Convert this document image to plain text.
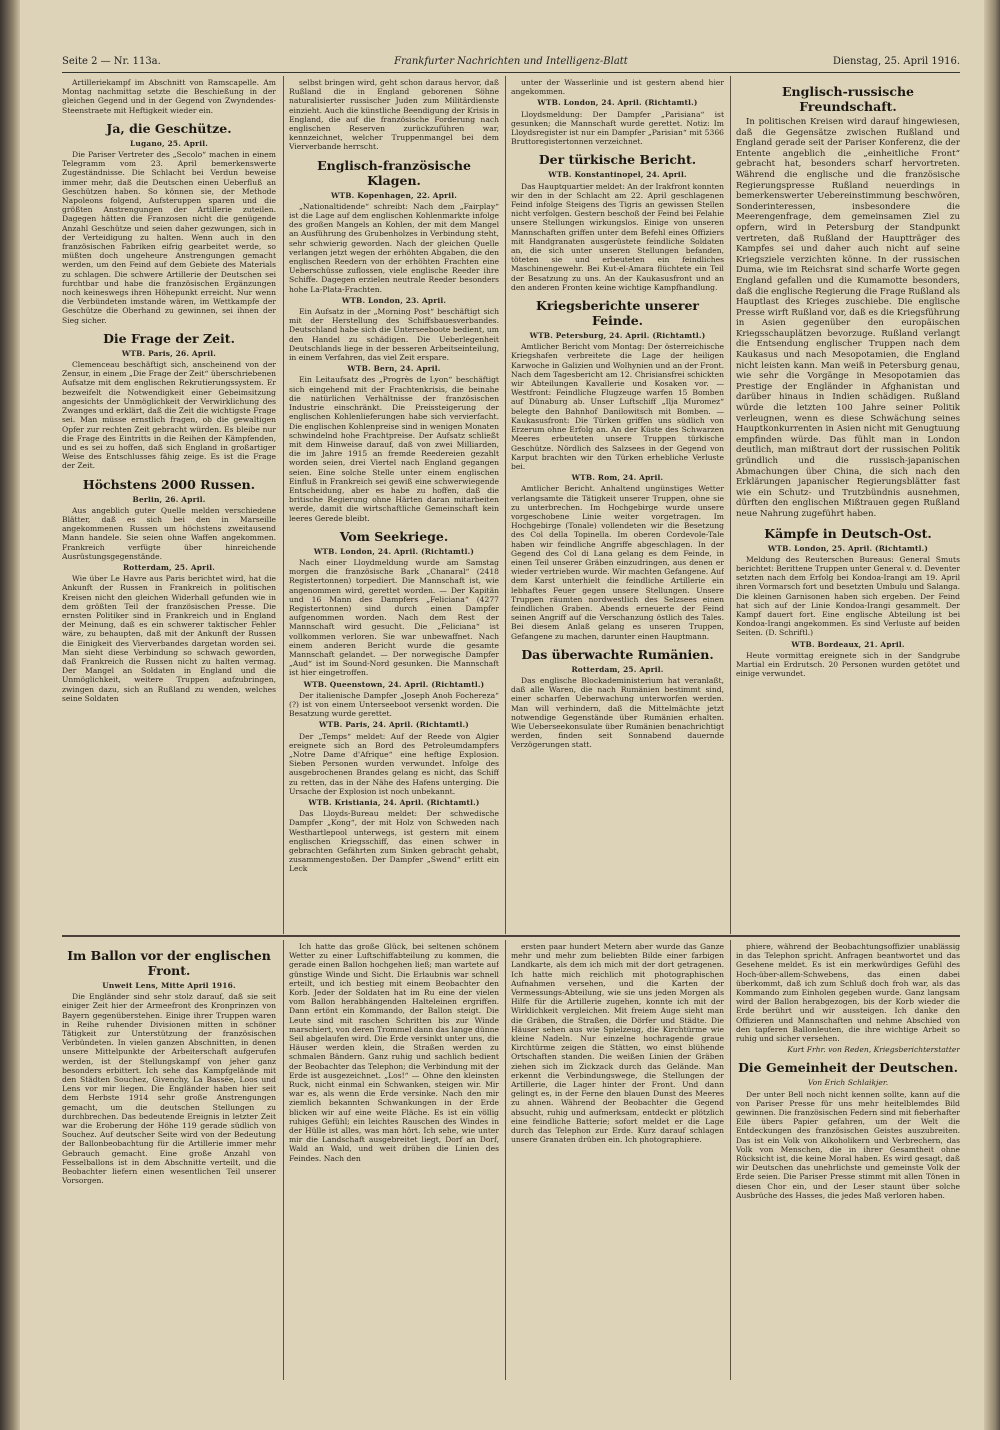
Seite 2 — Nr. 113a.	Frankfurter Nachrichten und Intelligenz-Blatt	Dienstag, 25. April 1916.

Artilleriekampf im Abschnitt von Ramscapelle. Am Montag nachmittag setzte die Beschießung in der gleichen Gegend und in der Gegend von Zwyndendes-Steenstraete mit Heftigkeit wieder ein.

Ja, die Geschütze.
Lugano, 25. April.

Die Pariser Vertreter des „Secolo“ machen in einem Telegramm vom 23. April bemerkenswerte Zugeständnisse. Die Schlacht bei Verdun beweise immer mehr, daß die Deutschen einen Ueberfluß an Geschützen haben. So können sie, der Methode Napoleons folgend, Aufsteruppen sparen und die größten Anstrengungen der Artillerie zuteilen. Dagegen hätten die Franzosen nicht die genügende Anzahl Geschütze und seien daher gezwungen, sich in der Verteidigung zu halten. Wenn auch in den französischen Fabriken eifrig gearbeitet werde, so müßten doch ungeheure Anstrengungen gemacht werden, um den Feind auf dem Gebiete des Materials zu schlagen. Die schwere Artillerie der Deutschen sei furchtbar und habe die französischen Ergänzungen noch keineswegs ihren Höhepunkt erreicht. Nur wenn die Verbündeten imstande wären, im Wettkampfe der Geschütze die Oberhand zu gewinnen, sei ihnen der Sieg sicher.

Die Frage der Zeit.
WTB. Paris, 26. April.

Clemenceau beschäftigt sich, anscheinend von der Zensur, in einem „Die Frage der Zeit“ überschriebenen Aufsatze mit dem englischen Rekrutierungssystem. Er bezweifelt die Notwendigkeit einer Gebeimsitzung angesichts der Unmöglichkeit der Verwirklichung des Zwanges und erklärt, daß die Zeit die wichtigste Frage sei. Man müsse ernstlich fragen, ob die gewaltigen Opfer zur rechten Zeit gebracht würden. Es bleibe nur die Frage des Eintritts in die Reihen der Kämpfenden, und es sei zu hoffen, daß sich England in großartiger Weise des Entschlusses fähig zeige. Es ist die Frage der Zeit.

Höchstens 2000 Russen.
Berlin, 26. April.

Aus angeblich guter Quelle melden verschiedene Blätter, daß es sich bei den in Marseille angekommenen Russen um höchstens zweitausend Mann handele. Sie seien ohne Waffen angekommen. Frankreich verfügte über hinreichende Ausrüstungsgegenstände.

Rotterdam, 25. April.

Wie über Le Havre aus Paris berichtet wird, hat die Ankunft der Russen in Frankreich in politischen Kreisen nicht den gleichen Widerhall gefunden wie in dem größten Teil der französischen Presse. Die ernsten Politiker sind in Frankreich und in England der Meinung, daß es ein schwerer taktischer Fehler wäre, zu behaupten, daß mit der Ankunft der Russen die Einigkeit des Vierverbandes dargetan worden sei. Man sieht diese Verbindung so schwach geworden, daß Frankreich die Russen nicht zu halten vermag. Der Mangel an Soldaten in England und die Unmöglichkeit, weitere Truppen aufzubringen, zwingen dazu, sich an Rußland zu wenden, welches seine Soldaten

selbst bringen wird, geht schon daraus hervor, daß Rußland die in England geborenen Söhne naturalisierter russischer Juden zum Militärdienste einzieht. Auch die künstliche Beendigung der Krisis in England, die auf die französische Forderung nach englischen Reserven zurückzuführen war, kennzeichnet, welcher Truppenmangel bei dem Vierverbande herrscht.

Englisch-französische Klagen.
WTB. Kopenhagen, 22. April.

„Nationaltidende“ schreibt: Nach dem „Fairplay“ ist die Lage auf dem englischen Kohlenmarkte infolge des großen Mangels an Kohlen, der mit dem Mangel an Ausführung des Grubenholzes in Verbindung steht, sehr schwierig geworden. Nach der gleichen Quelle verlangen jetzt wegen der erhöhten Abgaben, die den englischen Reedern von der erhöhten Frachten eine Ueberschüsse zuflossen, viele englische Reeder ihre Schiffe. Dagegen erzielen neutrale Reeder besonders hohe La-Plata-Frachten.

WTB. London, 23. April.

Ein Aufsatz in der „Morning Post“ beschäftigt sich mit der Herstellung des Schiffsbauesverbandes. Deutschland habe sich die Unterseeboote bedient, um den Handel zu schädigen. Die Ueberlegenheit Deutschlands liege in der besseren Arbeitseinteilung, in einem Verfahren, das viel Zeit erspare.

WTB. Bern, 24. April.

Ein Leitaufsatz des „Progrès de Lyon“ beschäftigt sich eingehend mit der Frachtenkrisis, die beinahe die natürlichen Verhältnisse der französischen Industrie einschränkt. Die Preissteigerung der englischen Kohlenlieferungen habe sich vervierfacht. Die englischen Kohlenpreise sind in wenigen Monaten schwindelnd hohe Frachtpreise. Der Aufsatz schließt mit dem Hinweise darauf, daß von zwei Milliarden, die im Jahre 1915 an fremde Reedereien gezahlt worden seien, drei Viertel nach England gegangen seien. Eine solche Stelle unter einem englischen Einfluß in Frankreich sei gewiß eine schwerwiegende Entscheidung, aber es habe zu hoffen, daß die britische Regierung ohne Härten daran mitarbeiten werde, damit die wirtschaftliche Gemeinschaft kein leeres Gerede bleibt.

Vom Seekriege.
WTB. London, 24. April. (Richtamtl.)

Nach einer Lloydmeldung wurde am Samstag morgen die französische Bark „Chanaral“ (2418 Registertonnen) torpediert. Die Mannschaft ist, wie angenommen wird, gerettet worden. — Der Kapitän und 16 Mann des Dampfers „Feliciana“ (4277 Registertonnen) sind durch einen Dampfer aufgenommen worden. Nach dem Rest der Mannschaft wird gesucht. Die „Feliciana“ ist vollkommen verloren. Sie war unbewaffnet. Nach einem anderen Bericht wurde die gesamte Mannschaft gelandet. — Der norwegische Dampfer „Aud“ ist im Sound-Nord gesunken. Die Mannschaft ist hier eingetroffen.

WTB. Queenstown, 24. April. (Richtamtl.)

Der italienische Dampfer „Joseph Anoh Fochereza“ (?) ist von einem Unterseeboot versenkt worden. Die Besatzung wurde gerettet.

WTB. Paris, 24. April. (Richtamtl.)

Der „Temps“ meldet: Auf der Reede von Algier ereignete sich an Bord des Petroleumdampfers „Notre Dame d'Afrique“ eine heftige Explosion. Sieben Personen wurden verwundet. Infolge des ausgebrochenen Brandes gelang es nicht, das Schiff zu retten, das in der Nähe des Hafens unterging. Die Ursache der Explosion ist noch unbekannt.

WTB. Kristiania, 24. April. (Richtamtl.)

Das Lloyds-Bureau meldet: Der schwedische Dampfer „Kong“, der mit Holz von Schweden nach Westhartlepool unterwegs, ist gestern mit einem englischen Kriegsschiff, das einen schwer in gebrachten Gefährten zum Sinken gebracht gehabt, zusammengestoßen. Der Dampfer „Swend“ erlitt ein Leck

unter der Wasserlinie und ist gestern abend hier angekommen.

WTB. London, 24. April. (Richtamtl.)

Lloydsmeldung: Der Dampfer „Parisiana“ ist gesunken; die Mannschaft wurde gerettet. Notiz: Im Lloydsregister ist nur ein Dampfer „Parisian“ mit 5366 Bruttoregistertonnen verzeichnet.

Der türkische Bericht.
WTB. Konstantinopel, 24. April.

Das Hauptquartier meldet: An der Irakfront konnten wir den in der Schlacht am 22. April geschlagenen Feind infolge Steigens des Tigris an gewissen Stellen nicht verfolgen. Gestern beschoß der Feind bei Felahie unsere Stellungen wirkungslos. Einige von unseren Mannschaften griffen unter dem Befehl eines Offiziers mit Handgranaten ausgerüstete feindliche Soldaten an, die sich unter unseren Stellungen befanden, töteten sie und erbeuteten ein feindliches Maschinengewehr. Bei Kut-el-Amara flüchtete ein Teil der Besatzung zu uns. An der Kaukasusfront und an den anderen Fronten keine wichtige Kampfhandlung.

Kriegsberichte unserer Feinde.
WTB. Petersburg, 24. April. (Richtamtl.)

Amtlicher Bericht vom Montag: Der österreichische Kriegshafen verbreitete die Lage der heiligen Karwoche in Galizien und Wolhynien und an der Front. Nach dem Tagesbericht am 12. Chrisiansfrei schickten wir Abteilungen Kavallerie und Kosaken vor. — Westfront: Feindliche Flugzeuge warfen 15 Bomben auf Dünaburg ab. Unser Luftschiff „Ilja Muromez“ belegte den Bahnhof Danilowitsch mit Bomben. — Kaukasusfront: Die Türken griffen uns südlich von Erzerum ohne Erfolg an. An der Küste des Schwarzen Meeres erbeuteten unsere Truppen türkische Geschütze. Nördlich des Salzsees in der Gegend von Karput brachten wir den Türken erhebliche Verluste bei.

WTB. Rom, 24. April.

Amtlicher Bericht. Anhaltend ungünstiges Wetter verlangsamte die Tätigkeit unserer Truppen, ohne sie zu unterbrechen. Im Hochgebirge wurde unsere vorgeschobene Linie weiter vorgetragen. Im Hochgebirge (Tonale) vollendeten wir die Besetzung des Col della Topinella. Im oberen Cordevole-Tale haben wir feindliche Angriffe abgeschlagen. In der Gegend des Col di Lana gelang es dem Feinde, in einen Teil unserer Gräben einzudringen, aus denen er wieder vertrieben wurde. Wir machten Gefangene. Auf dem Karst unterhielt die feindliche Artillerie ein lebhaftes Feuer gegen unsere Stellungen. Unsere Truppen räumten nordwestlich des Selzsees einen feindlichen Graben. Abends erneuerte der Feind seinen Angriff auf die Verschanzung östlich des Tales. Bei diesem Anlaß gelang es unseren Truppen, Gefangene zu machen, darunter einen Hauptmann.

Das überwachte Rumänien.
Rotterdam, 25. April.

Das englische Blockadeministerium hat veranlaßt, daß alle Waren, die nach Rumänien bestimmt sind, einer scharfen Ueberwachung unterworfen werden. Man will verhindern, daß die Mittelmächte jetzt notwendige Gegenstände über Rumänien erhalten. Wie Ueberseekonsulate über Rumänien benachrichtigt werden, finden seit Sonnabend dauernde Verzögerungen statt.

Englisch-russische Freundschaft.

In politischen Kreisen wird darauf hingewiesen, daß die Gegensätze zwischen Rußland und England gerade seit der Pariser Konferenz, die der Entente angeblich die „einheitliche Front“ gebracht hat, besonders scharf hervortreten. Während die englische und die französische Regierungspresse Rußland neuerdings in bemerkenswerter Uebereinstimmung beschwören, Sonderinteressen, insbesondere die Meerengenfrage, dem gemeinsamen Ziel zu opfern, wird in Petersburg der Standpunkt vertreten, daß Rußland der Hauptträger des Kampfes sei und daher auch nicht auf seine Kriegsziele verzichten könne. In der russischen Duma, wie im Reichsrat sind scharfe Worte gegen England gefallen und die Kumamotte besonders, daß die englische Regierung die Frage Rußland als Hauptlast des Krieges zuschiebe. Die englische Presse wirft Rußland vor, daß es die Kriegsführung in Asien gegenüber den europäischen Kriegsschauplätzen bevorzuge. Rußland verlangt die Entsendung englischer Truppen nach dem Kaukasus und nach Mesopotamien, die England nicht leisten kann. Man weiß in Petersburg genau, wie sehr die Vorgänge in Mesopotamien das Prestige der Engländer in Afghanistan und darüber hinaus in Indien schädigen. Rußland würde die letzten 100 Jahre seiner Politik verleugnen, wenn es diese Schwächung seines Hauptkonkurrenten in Asien nicht mit Genugtuung empfinden würde. Das fühlt man in London deutlich, man mißtraut dort der russischen Politik gründlich und die russisch-japanischen Abmachungen über China, die sich nach den Erklärungen japanischer Regierungsblätter fast wie ein Schutz- und Trutzbündnis ausnehmen, dürften den englischen Mißtrauen gegen Rußland neue Nahrung zugeführt haben.

Kämpfe in Deutsch-Ost.
WTB. London, 25. April. (Richtamtl.)

Meldung des Reuterschen Bureaus: General Smuts berichtet: Berittene Truppen unter General v. d. Deventer setzten nach dem Erfolg bei Kondoa-Irangi am 19. April ihren Vormarsch fort und besetzten Umbulu und Salanga. Die kleinen Garnisonen haben sich ergeben. Der Feind hat sich auf der Linie Kondoa-Irangi gesammelt. Der Kampf dauert fort. Eine englische Abteilung ist bei Kondoa-Irangi angekommen. Es sind Verluste auf beiden Seiten. (D. Schriftl.)

WTB. Bordeaux, 21. April.

Heute vormittag ereignete sich in der Sandgrube Martial ein Erdrutsch. 20 Personen wurden getötet und einige verwundet.

Im Ballon vor der englischen Front.
Unweit Lens, Mitte April 1916.

Die Engländer sind sehr stolz darauf, daß sie seit einiger Zeit hier der Armeefront des Kronprinzen von Bayern gegenüberstehen. Einige ihrer Truppen waren in Reihe ruhender Divisionen mitten in schöner Tätigkeit zur Unterstützung der französischen Verbündeten. In vielen ganzen Abschnitten, in denen unsere Mittelpunkte der Arbeiterschaft aufgerufen werden, ist der Stellungskampf von jeher ganz besonders erbittert. Ich sehe das Kampfgelände mit den Städten Souchez, Givenchy, La Bassée, Loos und Lens vor mir liegen. Die Engländer haben hier seit dem Herbste 1914 sehr große Anstrengungen gemacht, um die deutschen Stellungen zu durchbrechen. Das bedeutende Ereignis in letzter Zeit war die Eroberung der Höhe 119 gerade südlich von Souchez. Auf deutscher Seite wird von der Bedeutung der Ballonbeobachtung für die Artillerie immer mehr Gebrauch gemacht. Eine große Anzahl von Fesselballons ist in dem Abschnitte verteilt, und die Beobachter liefern einen wesentlichen Teil unserer Vorsorgen.

Ich hatte das große Glück, bei seltenen schönem Wetter zu einer Luftschiffabteilung zu kommen, die gerade einen Ballon hochgehen ließ; man wartete auf günstige Winde und Sicht. Die Erlaubnis war schnell erteilt, und ich bestieg mit einem Beobachter den Korb. Jeder der Soldaten hat im Ru eine der vielen vom Ballon herabhängenden Halteleinen ergriffen. Dann ertönt ein Kommando, der Ballon steigt. Die Leute sind mit raschen Schritten bis zur Winde marschiert, von deren Trommel dann das lange dünne Seil abgelaufen wird. Die Erde versinkt unter uns, die Häuser werden klein, die Straßen werden zu schmalen Bändern. Ganz ruhig und sachlich bedient der Beobachter das Telephon; die Verbindung mit der Erde ist ausgezeichnet. „Los!“ — Ohne den kleinsten Ruck, nicht einmal ein Schwanken, steigen wir. Mir war es, als wenn die Erde versinke. Nach den mir ziemlich bekannten Schwankungen in der Erde blicken wir auf eine weite Fläche. Es ist ein völlig ruhiges Gefühl; ein leichtes Rauschen des Windes in der Hülle ist alles, was man hört. Ich sehe, wie unter mir die Landschaft ausgebreitet liegt, Dorf an Dorf, Wald an Wald, und weit drüben die Linien des Feindes. Nach den

ersten paar hundert Metern aber wurde das Ganze mehr und mehr zum beliebten Bilde einer farbigen Landkarte, als dem ich mich mit der dort getragenen. Ich hatte mich reichlich mit photographischen Aufnahmen versehen, und die Karten der Vermessungs-Abteilung, wie sie uns jeden Morgen als Hilfe für die Artillerie zugehen, konnte ich mit der Wirklichkeit vergleichen. Mit freiem Auge sieht man die Gräben, die Straßen, die Dörfer und Städte. Die Häuser sehen aus wie Spielzeug, die Kirchtürme wie kleine Nadeln. Nur einzelne hochragende graue Kirchtürme zeigen die Stätten, wo einst blühende Ortschaften standen. Die weißen Linien der Gräben ziehen sich im Zickzack durch das Gelände. Man erkennt die Verbindungswege, die Stellungen der Artillerie, die Lager hinter der Front. Und dann gelingt es, in der Ferne den blauen Dunst des Meeres zu ahnen. Während der Beobachter die Gegend absucht, ruhig und aufmerksam, entdeckt er plötzlich eine feindliche Batterie; sofort meldet er die Lage durch das Telephon zur Erde. Kurz darauf schlagen unsere Granaten drüben ein. Ich photographiere.

phiere, während der Beobachtungsoffizier unablässig in das Telephon spricht. Anfragen beantwortet und das Gesehene meldet. Es ist ein merkwürdiges Gefühl des Hoch-über-allem-Schwebens, das einen dabei überkommt, daß ich zum Schluß doch froh war, als das Kommando zum Einholen gegeben wurde. Ganz langsam wird der Ballon herabgezogen, bis der Korb wieder die Erde berührt und wir aussteigen. Ich danke den Offizieren und Mannschaften und nehme Abschied von den tapferen Ballonleuten, die ihre wichtige Arbeit so ruhig und sicher versehen.

Kurt Frhr. von Reden, Kriegsberichterstatter
Die Gemeinheit der Deutschen.
Von Erich Schlaikjer.

Der unter Bell noch nicht kennen sollte, kann auf die von Pariser Presse für uns mehr heitelblemdes Bild gewinnen. Die französischen Federn sind mit fieberhafter Eile übers Papier gefahren, um der Welt die Entdeckungen des französischen Geistes auszubreiten. Das ist ein Volk von Alkoholikern und Verbrechern, das Volk von Menschen, die in ihrer Gesamtheit ohne Rücksicht ist, die keine Moral haben. Es wird gesagt, daß wir Deutschen das unehrlichste und gemeinste Volk der Erde seien. Die Pariser Presse stimmt mit allen Tönen in diesen Chor ein, und der Leser staunt über solche Ausbrüche des Hasses, die jedes Maß verloren haben.
